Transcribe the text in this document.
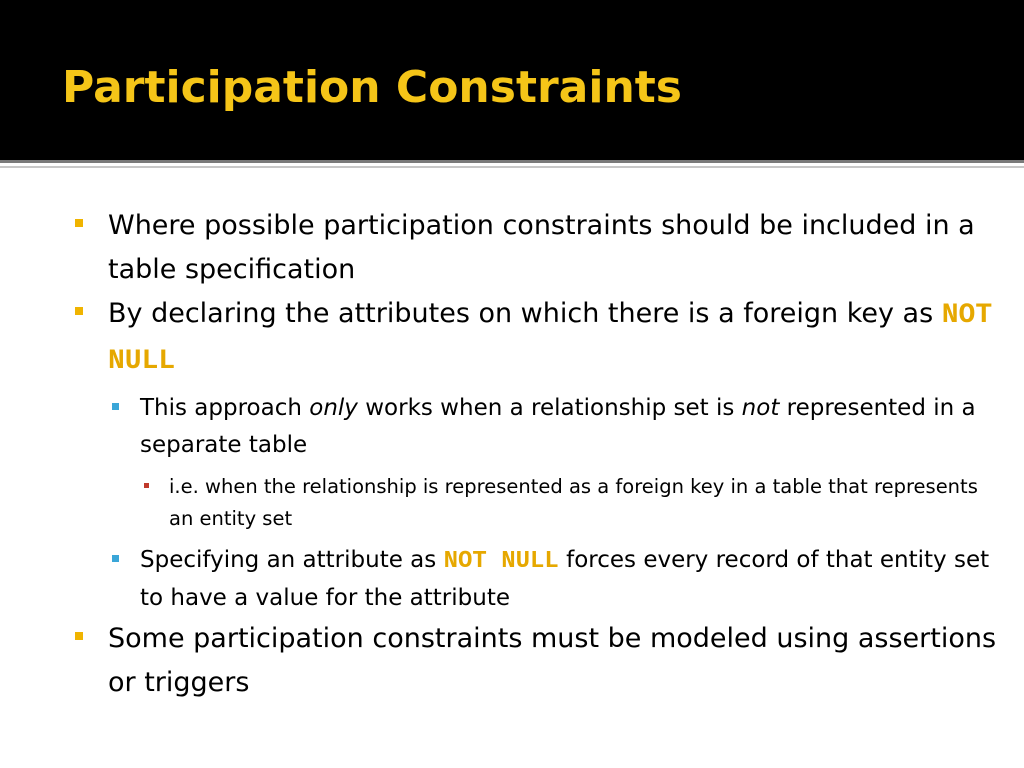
Participation Constraints
Where possible participation constraints should be included in a table specification
By declaring the attributes on which there is a foreign key as NOT NULL
This approach only works when a relationship set is not represented in a separate table
i.e. when the relationship is represented as a foreign key in a table that represents an entity set
Specifying an attribute as NOT NULL forces every record of that entity set to have a value for the attribute
Some participation constraints must be modeled using assertions or triggers
